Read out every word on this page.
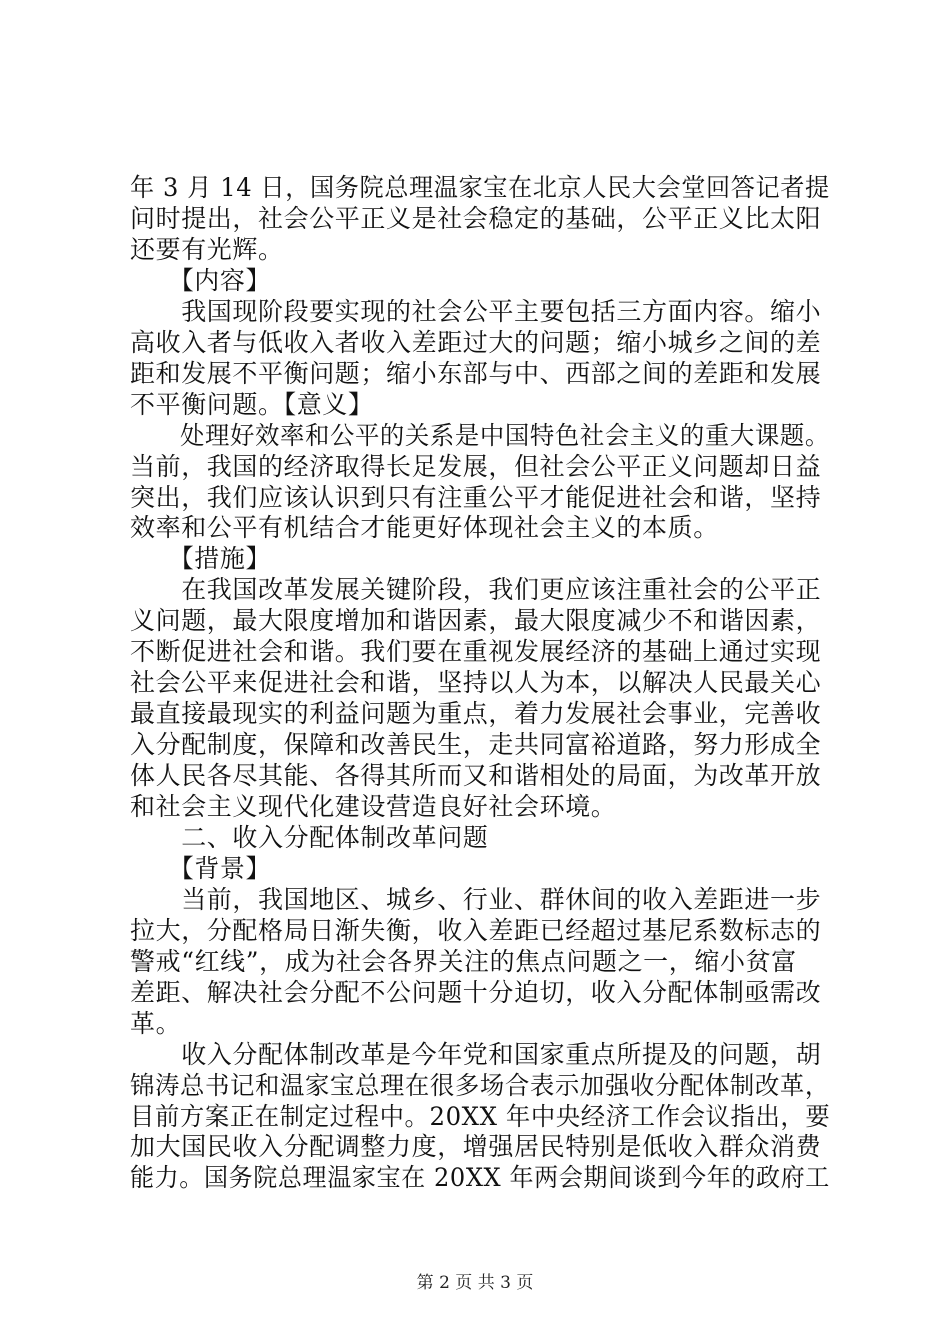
年 3 月 14 日，国务院总理温家宝在北京人民大会堂回答记者提
问时提出，社会公平正义是社会稳定的基础，公平正义比太阳
还要有光辉。
　　【内容】
　　我国现阶段要实现的社会公平主要包括三方面内容。缩小
高收入者与低收入者收入差距过大的问题；缩小城乡之间的差
距和发展不平衡问题；缩小东部与中、西部之间的差距和发展
不平衡问题。【意义】
　　处理好效率和公平的关系是中国特色社会主义的重大课题。
当前，我国的经济取得长足发展，但社会公平正义问题却日益
突出，我们应该认识到只有注重公平才能促进社会和谐，坚持
效率和公平有机结合才能更好体现社会主义的本质。
　　【措施】
　　在我国改革发展关键阶段，我们更应该注重社会的公平正
义问题，最大限度增加和谐因素，最大限度减少不和谐因素，
不断促进社会和谐。我们要在重视发展经济的基础上通过实现
社会公平来促进社会和谐，坚持以人为本，以解决人民最关心
最直接最现实的利益问题为重点，着力发展社会事业，完善收
入分配制度，保障和改善民生，走共同富裕道路，努力形成全
体人民各尽其能、各得其所而又和谐相处的局面，为改革开放
和社会主义现代化建设营造良好社会环境。
　　二、收入分配体制改革问题
　　【背景】
　　当前，我国地区、城乡、行业、群休间的收入差距进一步
拉大，分配格局日渐失衡，收入差距已经超过基尼系数标志的
警戒“红线”，成为社会各界关注的焦点问题之一，缩小贫富
差距、解决社会分配不公问题十分迫切，收入分配体制亟需改
革。
　　收入分配体制改革是今年党和国家重点所提及的问题，胡
锦涛总书记和温家宝总理在很多场合表示加强收分配体制改革，
目前方案正在制定过程中。20XX 年中央经济工作会议指出，要
加大国民收入分配调整力度，增强居民特别是低收入群众消费
能力。国务院总理温家宝在 20XX 年两会期间谈到今年的政府工
第 2 页 共 3 页
